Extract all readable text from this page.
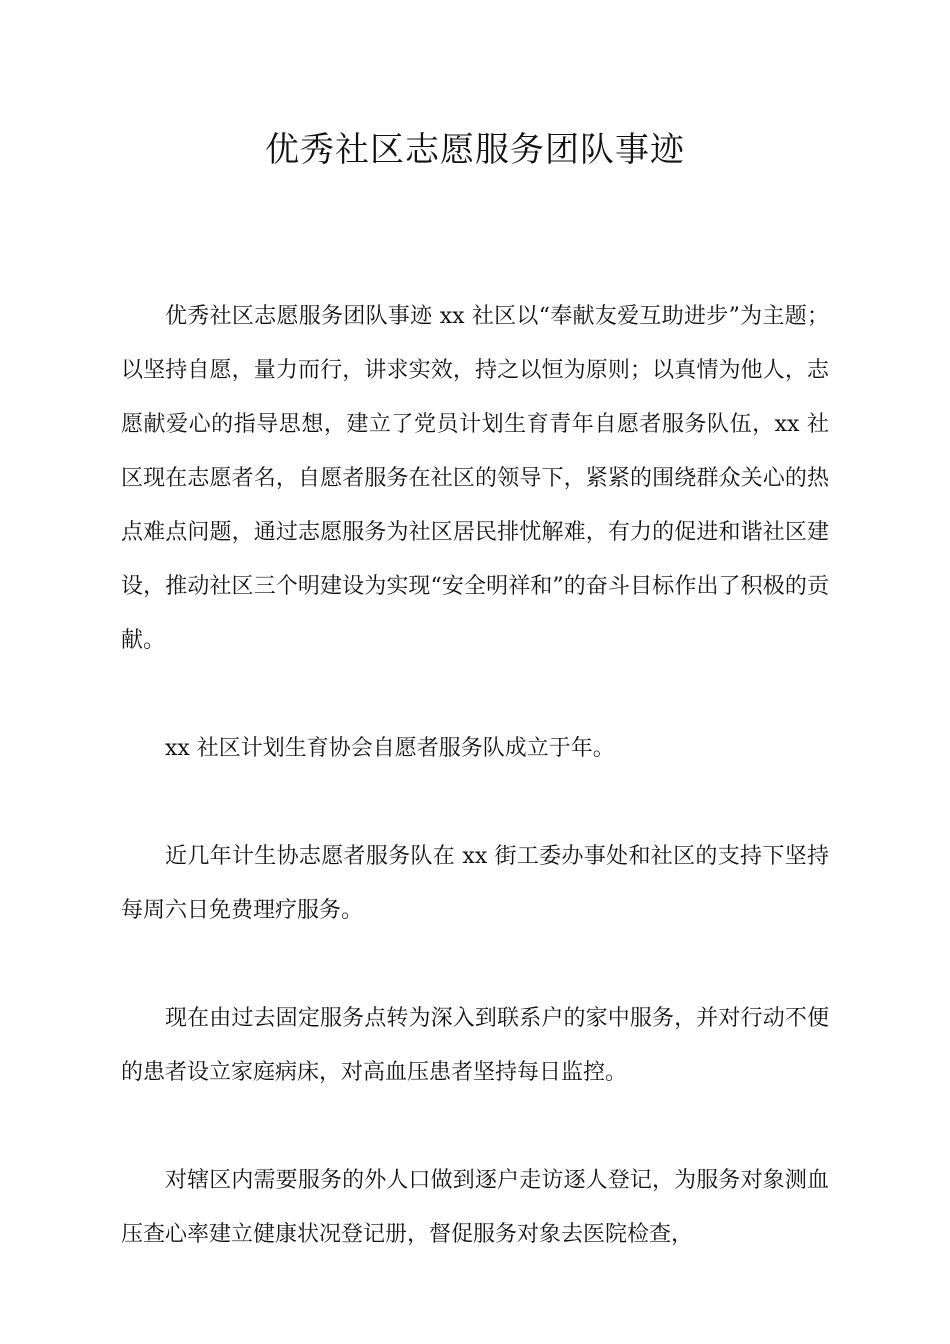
优秀社区志愿服务团队事迹

优秀社区志愿服务团队事迹 xx 社区以“奉献友爱互助进步”为主题；以坚持自愿，量力而行，讲求实效，持之以恒为原则；以真情为他人，志愿献爱心的指导思想，建立了党员计划生育青年自愿者服务队伍，xx 社区现在志愿者名，自愿者服务在社区的领导下，紧紧的围绕群众关心的热点难点问题，通过志愿服务为社区居民排忧解难，有力的促进和谐社区建设，推动社区三个明建设为实现“安全明祥和”的奋斗目标作出了积极的贡献。

xx 社区计划生育协会自愿者服务队成立于年。

近几年计生协志愿者服务队在 xx 街工委办事处和社区的支持下坚持每周六日免费理疗服务。

现在由过去固定服务点转为深入到联系户的家中服务，并对行动不便的患者设立家庭病床，对高血压患者坚持每日监控。

对辖区内需要服务的外人口做到逐户走访逐人登记，为服务对象测血压查心率建立健康状况登记册，督促服务对象去医院检查，
